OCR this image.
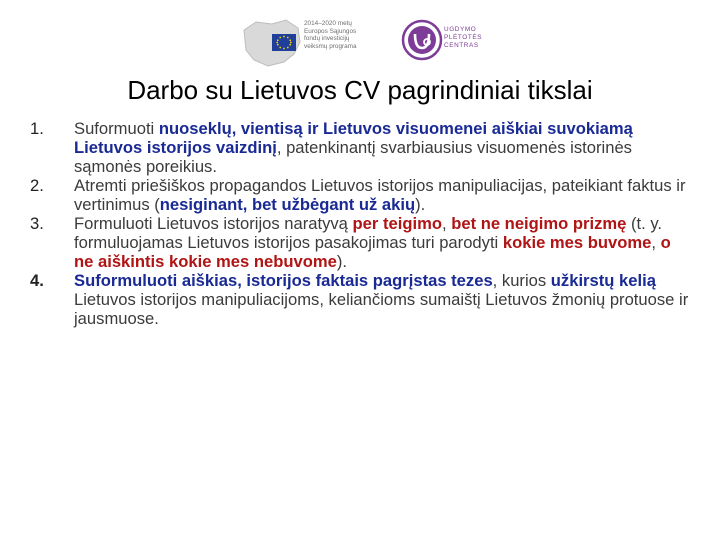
2014–2020 metų
Europos Sąjungos
fondų investicijų
veiksmų programa
UGDYMO
PLĖTOTĖS
CENTRAS
Darbo su Lietuvos CV pagrindiniai tikslai
1.	Suformuoti nuoseklų, vientisą ir Lietuvos visuomenei aiškiai suvokiamą Lietuvos istorijos vaizdinį, patenkinantį svarbiausius visuomenės istorinės sąmonės poreikius.
2.	Atremti priešiškos propagandos Lietuvos istorijos manipuliacijas, pateikiant faktus ir vertinimus (nesiginant, bet užbėgant už akių).
3.	Formuluoti Lietuvos istorijos naratyvą per teigimo, bet ne neigimo prizmę (t. y. formuluojamas Lietuvos istorijos pasakojimas turi parodyti kokie mes buvome, o ne aiškintis kokie mes nebuvome).
4.	Suformuluoti aiškias, istorijos faktais pagrįstas tezes, kurios užkirstų kelią Lietuvos istorijos manipuliacijoms, keliančioms sumaištį Lietuvos žmonių protuose ir jausmuose.
